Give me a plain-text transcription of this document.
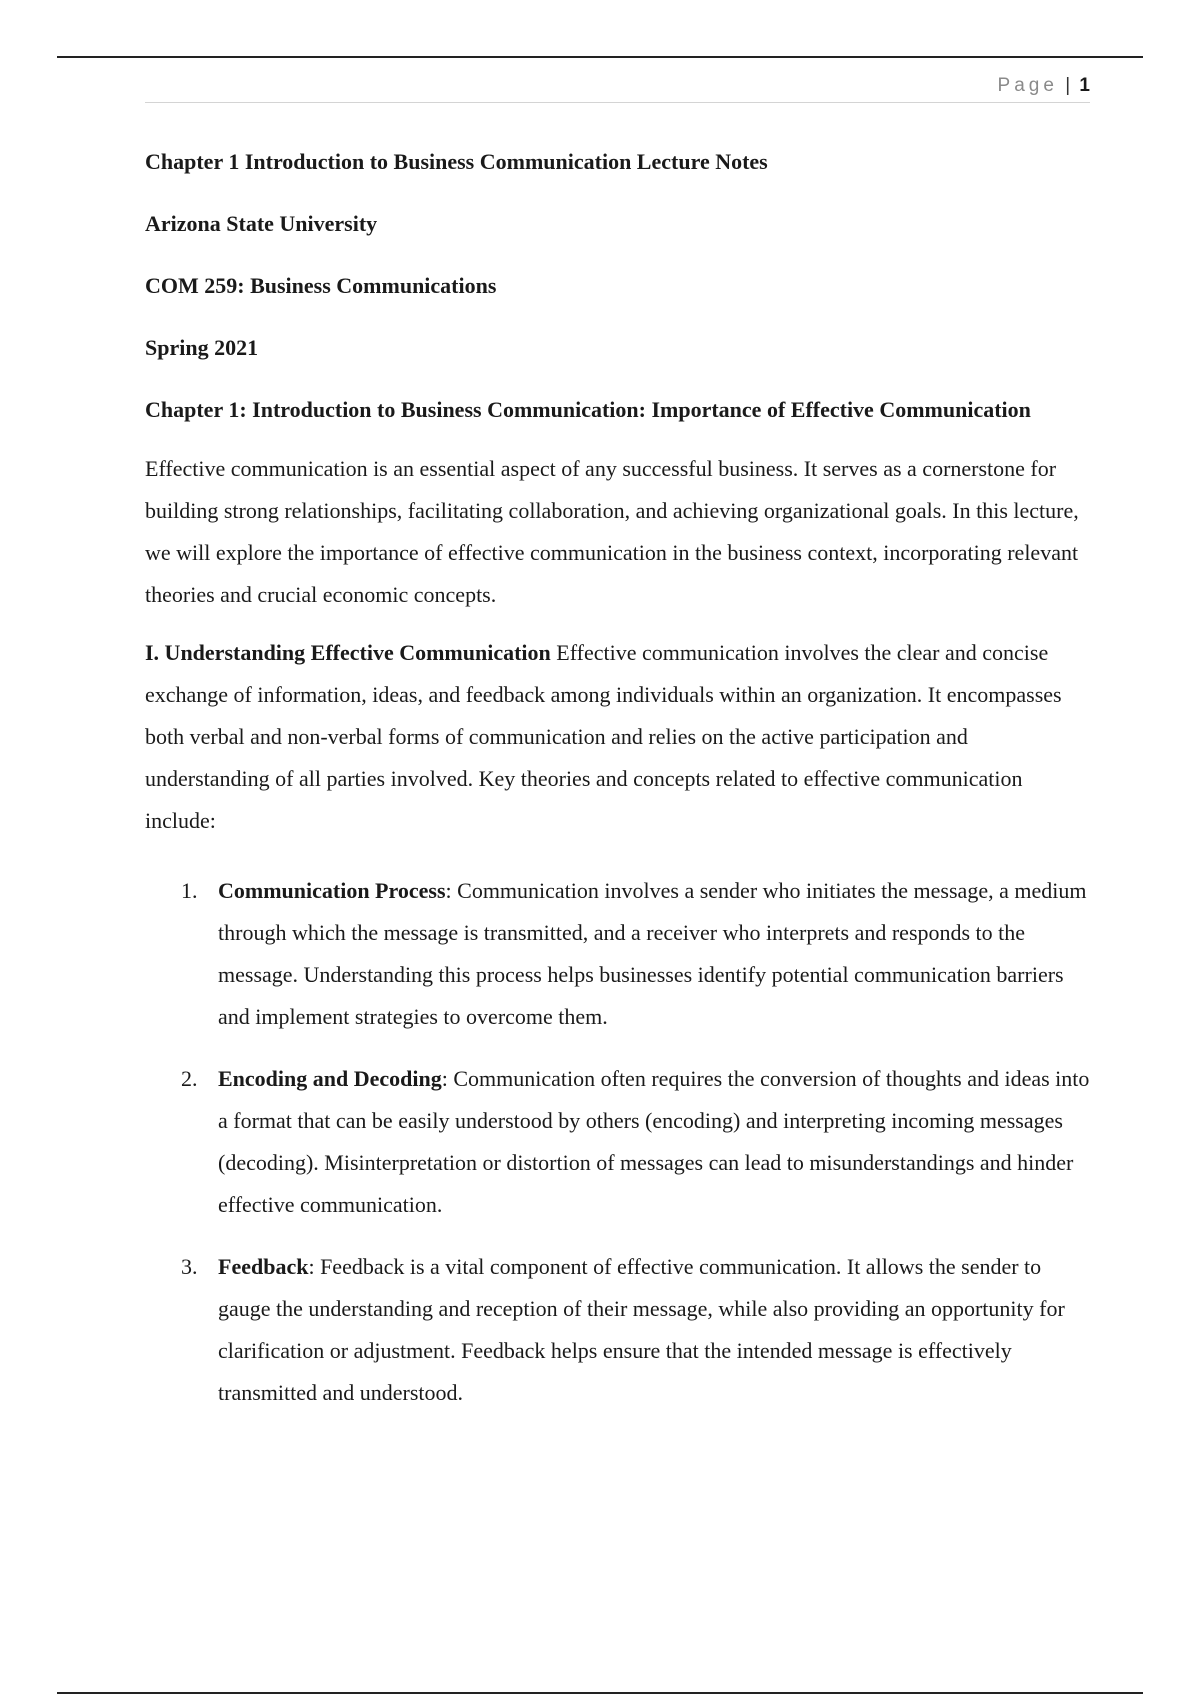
Page | 1
Chapter 1 Introduction to Business Communication Lecture Notes
Arizona State University
COM 259: Business Communications
Spring 2021
Chapter 1: Introduction to Business Communication: Importance of Effective Communication

Effective communication is an essential aspect of any successful business. It serves as a cornerstone for building strong relationships, facilitating collaboration, and achieving organizational goals. In this lecture, we will explore the importance of effective communication in the business context, incorporating relevant theories and crucial economic concepts.

I. Understanding Effective Communication Effective communication involves the clear and concise exchange of information, ideas, and feedback among individuals within an organization. It encompasses both verbal and non-verbal forms of communication and relies on the active participation and understanding of all parties involved. Key theories and concepts related to effective communication include:

1. Communication Process: Communication involves a sender who initiates the message, a medium through which the message is transmitted, and a receiver who interprets and responds to the message. Understanding this process helps businesses identify potential communication barriers and implement strategies to overcome them.
2. Encoding and Decoding: Communication often requires the conversion of thoughts and ideas into a format that can be easily understood by others (encoding) and interpreting incoming messages (decoding). Misinterpretation or distortion of messages can lead to misunderstandings and hinder effective communication.
3. Feedback: Feedback is a vital component of effective communication. It allows the sender to gauge the understanding and reception of their message, while also providing an opportunity for clarification or adjustment. Feedback helps ensure that the intended message is effectively transmitted and understood.
